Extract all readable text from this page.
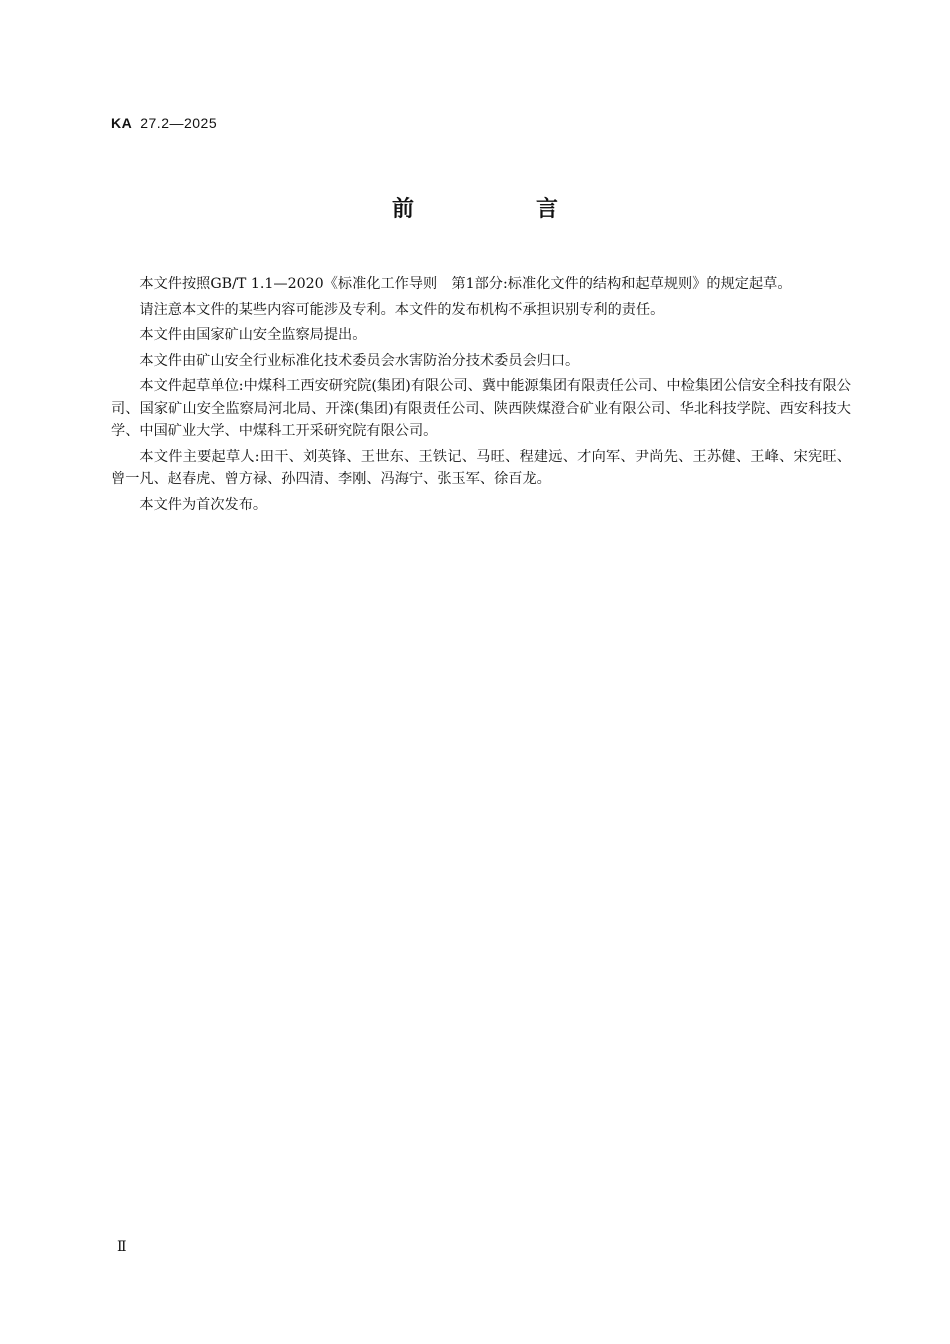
KA 27.2—2025
前　言

本文件按照GB/T 1.1—2020《标准化工作导则　第1部分:标准化文件的结构和起草规则》的规定起草。

请注意本文件的某些内容可能涉及专利。本文件的发布机构不承担识别专利的责任。

本文件由国家矿山安全监察局提出。

本文件由矿山安全行业标准化技术委员会水害防治分技术委员会归口。

本文件起草单位:中煤科工西安研究院(集团)有限公司、冀中能源集团有限责任公司、中检集团公信安全科技有限公司、国家矿山安全监察局河北局、开滦(集团)有限责任公司、陕西陕煤澄合矿业有限公司、华北科技学院、西安科技大学、中国矿业大学、中煤科工开采研究院有限公司。

本文件主要起草人:田干、刘英锋、王世东、王铁记、马旺、程建远、才向军、尹尚先、王苏健、王峰、宋宪旺、曾一凡、赵春虎、曾方禄、孙四清、李刚、冯海宁、张玉军、徐百龙。

本文件为首次发布。

Ⅱ
